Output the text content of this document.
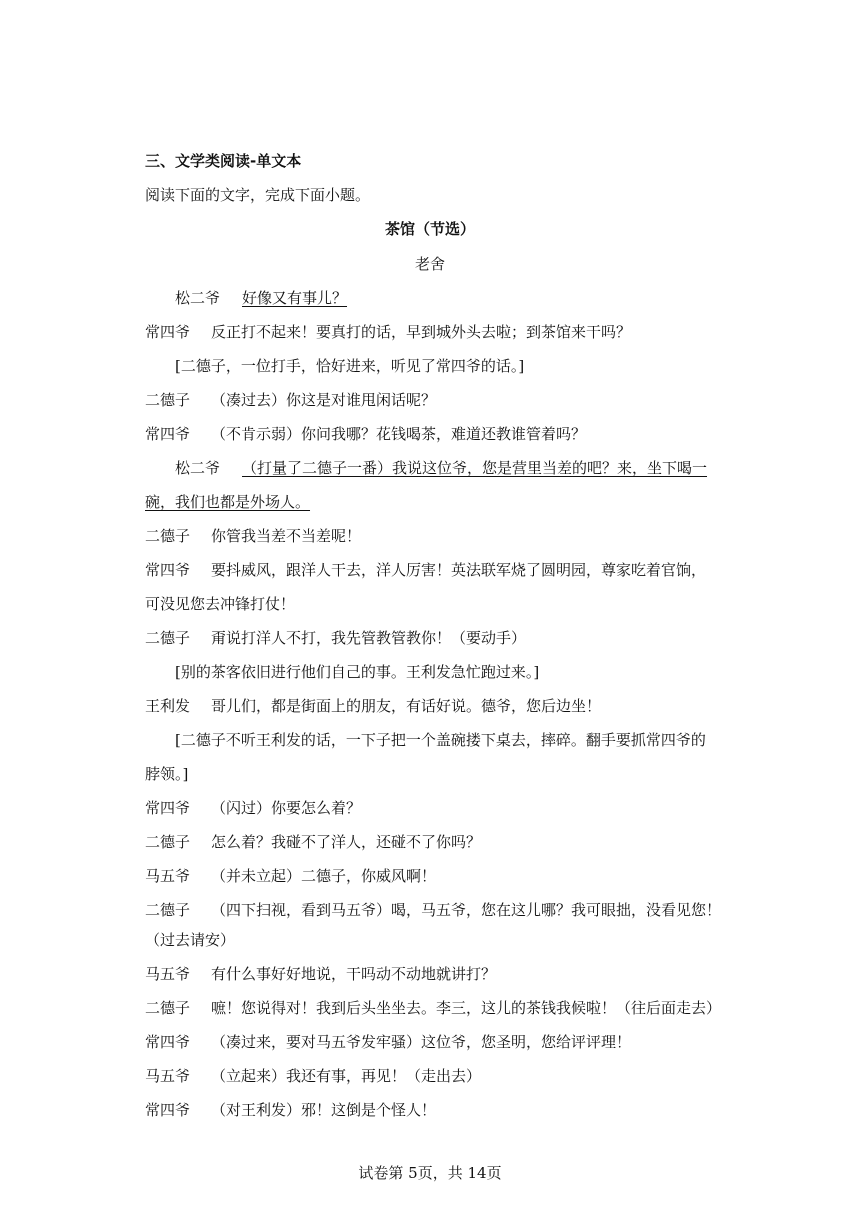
三、文学类阅读-单文本
阅读下面的文字，完成下面小题。
茶馆（节选）
老舍
松二爷 好像又有事儿？
常四爷 反正打不起来！要真打的话，早到城外头去啦；到茶馆来干吗？
[二德子，一位打手，恰好进来，听见了常四爷的话。]
二德子 （凑过去）你这是对谁甩闲话呢？
常四爷 （不肯示弱）你问我哪？花钱喝茶，难道还教谁管着吗？
松二爷 （打量了二德子一番）我说这位爷，您是营里当差的吧？来，坐下喝一
碗，我们也都是外场人。
二德子 你管我当差不当差呢！
常四爷 要抖威风，跟洋人干去，洋人厉害！英法联军烧了圆明园，尊家吃着官饷，
可没见您去冲锋打仗！
二德子 甭说打洋人不打，我先管教管教你！（要动手）
[别的茶客依旧进行他们自己的事。王利发急忙跑过来。]
王利发 哥儿们，都是街面上的朋友，有话好说。德爷，您后边坐！
[二德子不听王利发的话，一下子把一个盖碗搂下桌去，摔碎。翻手要抓常四爷的
脖领。]
常四爷 （闪过）你要怎么着？
二德子 怎么着？我碰不了洋人，还碰不了你吗？
马五爷 （并未立起）二德子，你威风啊！
二德子 （四下扫视，看到马五爷）喝，马五爷，您在这儿哪？我可眼拙，没看见您！
（过去请安）
马五爷 有什么事好好地说，干吗动不动地就讲打？
二德子 嗻！您说得对！我到后头坐坐去。李三，这儿的茶钱我候啦！（往后面走去）
常四爷 （凑过来，要对马五爷发牢骚）这位爷，您圣明，您给评评理！
马五爷 （立起来）我还有事，再见！（走出去）
常四爷 （对王利发）邪！这倒是个怪人！
试卷第 5页，共 14页
